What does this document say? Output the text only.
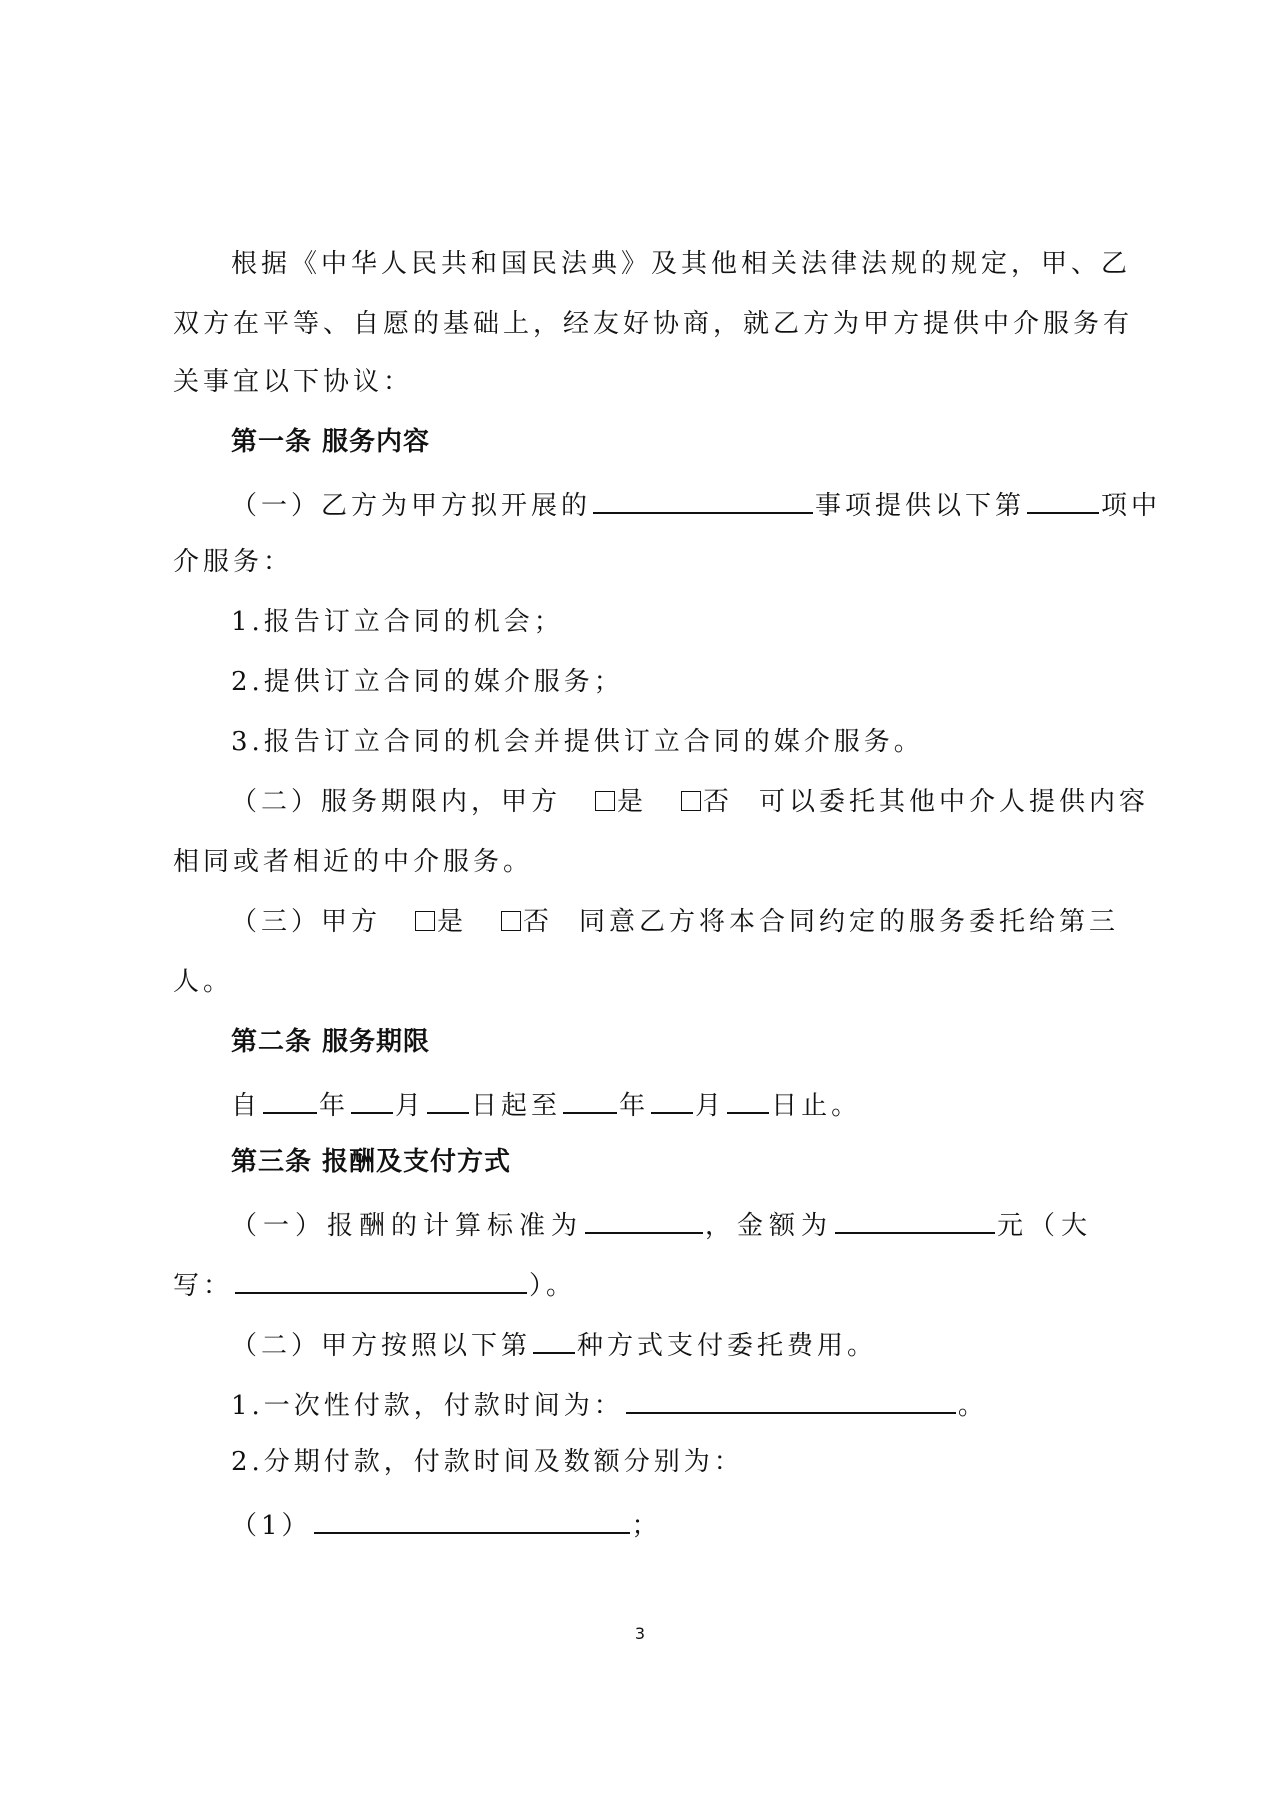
根据《中华人民共和国民法典》及其他相关法律法规的规定，甲、乙
双方在平等、自愿的基础上，经友好协商，就乙方为甲方提供中介服务有
关事宜以下协议：
第一条 服务内容
（一）乙方为甲方拟开展的	事项提供以下第	项中
介服务：
1.报告订立合同的机会；
2.提供订立合同的媒介服务；
3.报告订立合同的机会并提供订立合同的媒介服务。
（二）服务期限内，甲方 是 否 可以委托其他中介人提供内容
相同或者相近的中介服务。
（三）甲方 是 否 同意乙方将本合同约定的服务委托给第三
人。
第二条 服务期限
自 年 月 日起至 年 月 日止。
第三条 报酬及支付方式
（一）报酬的计算标准为	，金额为	元（大
写：	）。
（二）甲方按照以下第 种方式支付委托费用。
1.一次性付款，付款时间为：	。
2.分期付款，付款时间及数额分别为：
（1）	；
3
